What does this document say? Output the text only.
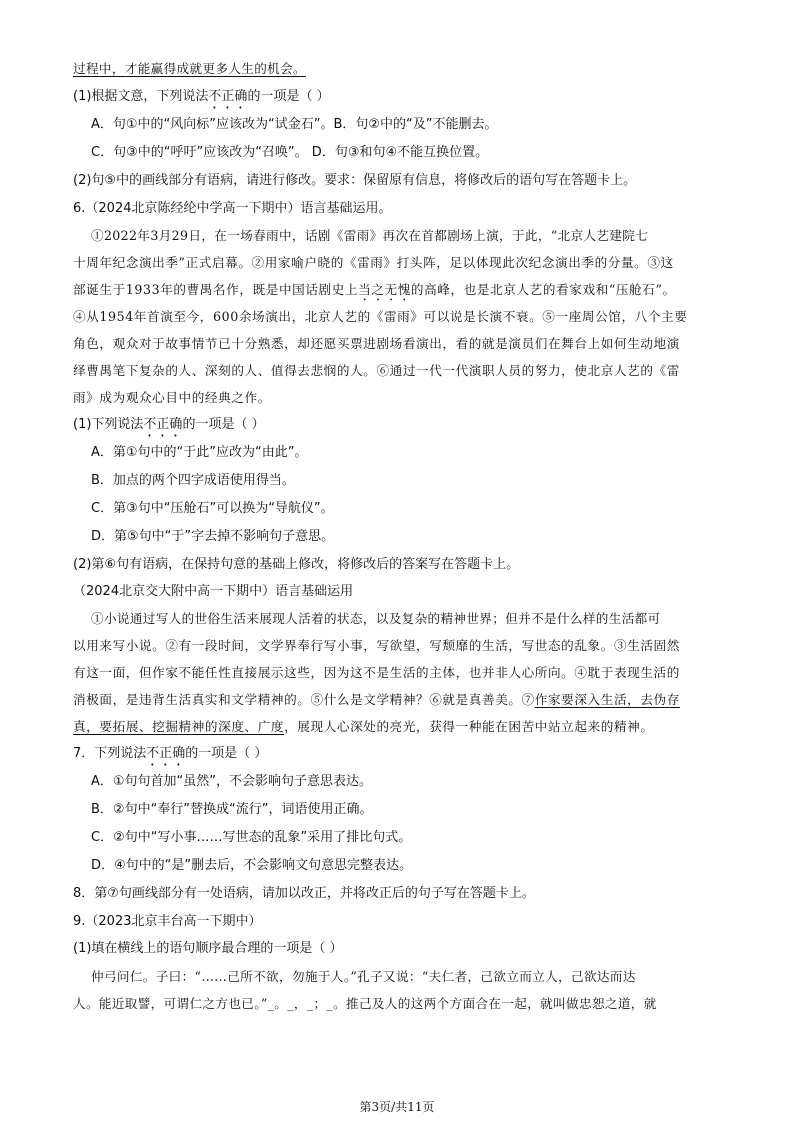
过程中，才能赢得成就更多人生的机会。
(1)根据文意，下列说法不正确的一项是（ ）
A．句①中的“风向标”应该改为“试金石”。B．句②中的“及”不能删去。
C．句③中的“呼吁”应该改为“召唤”。 D．句③和句④不能互换位置。
(2)句⑤中的画线部分有语病，请进行修改。要求：保留原有信息，将修改后的语句写在答题卡上。
6.（2024北京陈经纶中学高一下期中）语言基础运用。
①2022年3月29日，在一场春雨中，话剧《雷雨》再次在首都剧场上演，于此，“北京人艺建院七
十周年纪念演出季”正式启幕。②用家喻户晓的《雷雨》打头阵，足以体现此次纪念演出季的分量。③这
部诞生于1933年的曹禺名作，既是中国话剧史上当之无愧的高峰，也是北京人艺的看家戏和“压舱石”。
④从1954年首演至今，600余场演出，北京人艺的《雷雨》可以说是长演不衰。⑤一座周公馆，八个主要
角色，观众对于故事情节已十分熟悉，却还愿买票进剧场看演出，看的就是演员们在舞台上如何生动地演
绎曹禺笔下复杂的人、深刻的人、值得去悲悯的人。⑥通过一代一代演职人员的努力，使北京人艺的《雷
雨》成为观众心目中的经典之作。
(1)下列说法不正确的一项是（ ）
A．第①句中的“于此”应改为“由此”。
B．加点的两个四字成语使用得当。
C．第③句中“压舱石”可以换为“导航仪”。
D．第⑤句中“于”字去掉不影响句子意思。
(2)第⑥句有语病，在保持句意的基础上修改，将修改后的答案写在答题卡上。
（2024北京交大附中高一下期中）语言基础运用
①小说通过写人的世俗生活来展现人活着的状态，以及复杂的精神世界；但并不是什么样的生活都可
以用来写小说。②有一段时间，文学界奉行写小事，写欲望，写颓靡的生活，写世态的乱象。③生活固然
有这一面，但作家不能任性直接展示这些，因为这不是生活的主体，也并非人心所向。④耽于表现生活的
消极面，是违背生活真实和文学精神的。⑤什么是文学精神？⑥就是真善美。⑦作家要深入生活，去伪存
真，要拓展、挖掘精神的深度、广度，展现人心深处的亮光，获得一种能在困苦中站立起来的精神。
7．下列说法不正确的一项是（ ）
A．①句句首加“虽然”，不会影响句子意思表达。
B．②句中“奉行”替换成“流行”，词语使用正确。
C．②句中“写小事……写世态的乱象”采用了排比句式。
D．④句中的“是”删去后，不会影响文句意思完整表达。
8．第⑦句画线部分有一处语病，请加以改正，并将改正后的句子写在答题卡上。
9.（2023北京丰台高一下期中）
(1)填在横线上的语句顺序最合理的一项是（ ）
仲弓问仁。子曰：“……己所不欲，勿施于人。”孔子又说：“夫仁者，己欲立而立人，己欲达而达
人。能近取譬，可谓仁之方也已。”_。_，_；_。推己及人的这两个方面合在一起，就叫做忠恕之道，就
第3页/共11页
